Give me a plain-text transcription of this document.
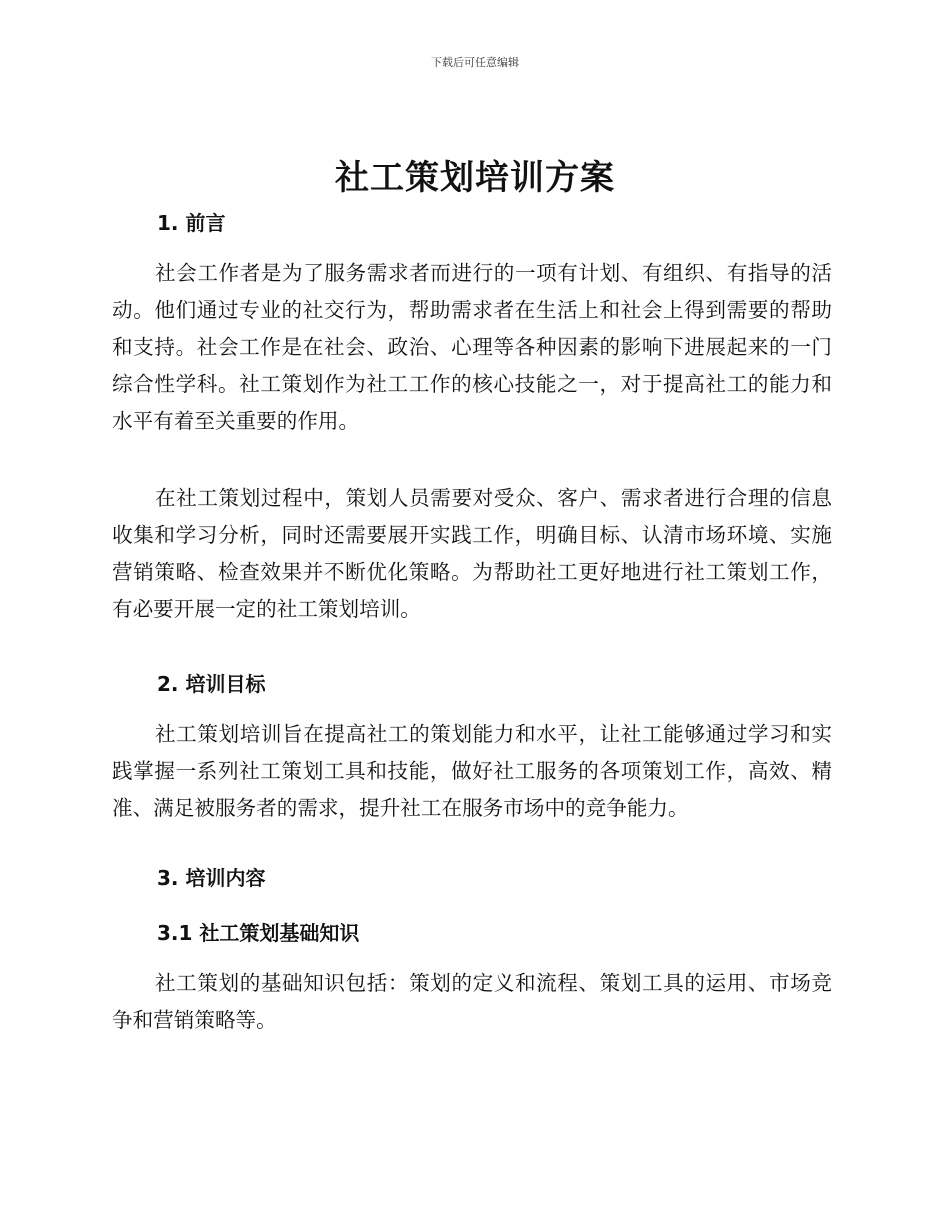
下载后可任意编辑
社工策划培训方案
1. 前言

社会工作者是为了服务需求者而进行的一项有计划、有组织、有指导的活动。他们通过专业的社交行为，帮助需求者在生活上和社会上得到需要的帮助和支持。社会工作是在社会、政治、心理等各种因素的影响下进展起来的一门综合性学科。社工策划作为社工工作的核心技能之一，对于提高社工的能力和水平有着至关重要的作用。

在社工策划过程中，策划人员需要对受众、客户、需求者进行合理的信息收集和学习分析，同时还需要展开实践工作，明确目标、认清市场环境、实施营销策略、检查效果并不断优化策略。为帮助社工更好地进行社工策划工作，有必要开展一定的社工策划培训。

2. 培训目标

社工策划培训旨在提高社工的策划能力和水平，让社工能够通过学习和实践掌握一系列社工策划工具和技能，做好社工服务的各项策划工作，高效、精准、满足被服务者的需求，提升社工在服务市场中的竞争能力。

3. 培训内容
3.1 社工策划基础知识

社工策划的基础知识包括：策划的定义和流程、策划工具的运用、市场竞争和营销策略等。
